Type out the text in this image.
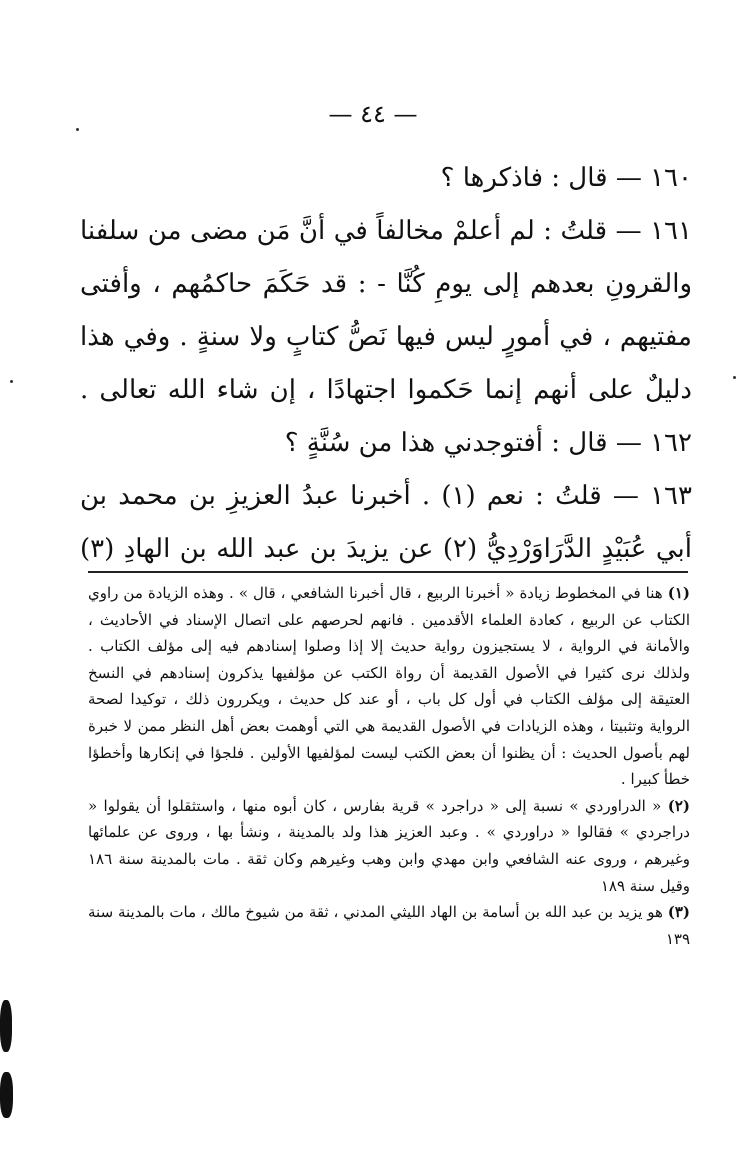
— ٤٤ —

١٦٠ — قال : فاذكرها ؟

١٦١ — قلتُ : لم أعلمْ مخالفاً في أنَّ مَن مضى من سلفنا والقرونِ بعدهم إلى يومِ كُنَّا - : قد حَكَمَ حاكمُهم ، وأفتى مفتيهم ، في أمورٍ ليس فيها نَصُّ كتابٍ ولا سنةٍ . وفي هذا دليلٌ على أنهم إنما حَكموا اجتهادًا ، إن شاء الله تعالى .

١٦٢ — قال : أفتوجدني هذا من سُنَّةٍ ؟

١٦٣ — قلتُ : نعم (١) . أخبرنا عبدُ العزيزِ بن محمد بن أبي عُبَيْدٍ الدَّرَاوَرْدِيُّ (٢) عن يزيدَ بن عبد الله بن الهادِ (٣)

(١) هنا في المخطوط زيادة « أخبرنا الربيع ، قال أخبرنا الشافعي ، قال » . وهذه الزيادة من راوي الكتاب عن الربيع ، كعادة العلماء الأقدمين . فانهم لحرصهم على اتصال الإسناد في الأحاديث ، والأمانة في الرواية ، لا يستجيزون رواية حديث إلا إذا وصلوا إسنادهم فيه إلى مؤلف الكتاب . ولذلك نرى كثيرا في الأصول القديمة أن رواة الكتب عن مؤلفيها يذكرون إسنادهم في النسخ العتيقة إلى مؤلف الكتاب في أول كل باب ، أو عند كل حديث ، ويكررون ذلك ، توكيدا لصحة الرواية وتثبيتا ، وهذه الزيادات في الأصول القديمة هي التي أوهمت بعض أهل النظر ممن لا خبرة لهم بأصول الحديث : أن يظنوا أن بعض الكتب ليست لمؤلفيها الأولين . فلجؤا في إنكارها وأخطؤا خطأ كبيرا .

(٢) « الدراوردي » نسبة إلى « دراجرد » قرية بفارس ، كان أبوه منها ، واستثقلوا أن يقولوا « دراجردي » فقالوا « دراوردي » . وعبد العزيز هذا ولد بالمدينة ، ونشأ بها ، وروى عن علمائها وغيرهم ، وروى عنه الشافعي وابن مهدي وابن وهب وغيرهم وكان ثقة . مات بالمدينة سنة ١٨٦ وقيل سنة ١٨٩

(٣) هو يزيد بن عبد الله بن أسامة بن الهاد الليثي المدني ، ثقة من شيوخ مالك ، مات بالمدينة سنة ١٣٩
